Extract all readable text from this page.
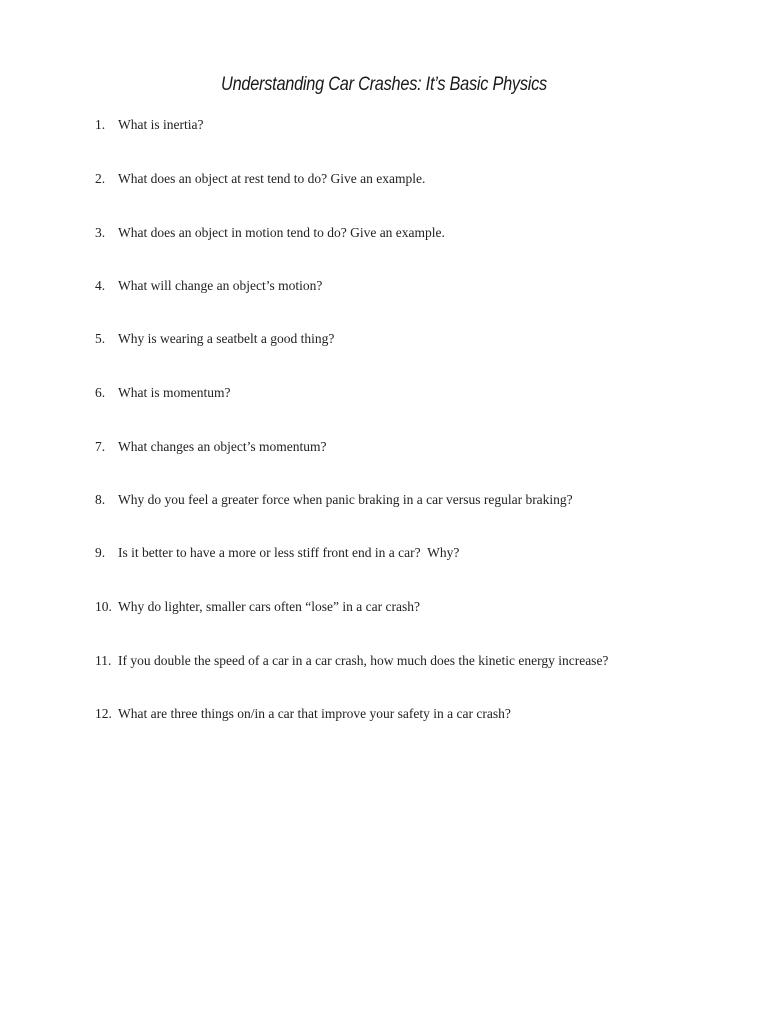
Understanding Car Crashes: It’s Basic Physics
1. What is inertia?
2. What does an object at rest tend to do? Give an example.
3. What does an object in motion tend to do? Give an example.
4. What will change an object’s motion?
5. Why is wearing a seatbelt a good thing?
6. What is momentum?
7. What changes an object’s momentum?
8. Why do you feel a greater force when panic braking in a car versus regular braking?
9. Is it better to have a more or less stiff front end in a car?  Why?
10. Why do lighter, smaller cars often “lose” in a car crash?
11. If you double the speed of a car in a car crash, how much does the kinetic energy increase?
12. What are three things on/in a car that improve your safety in a car crash?
